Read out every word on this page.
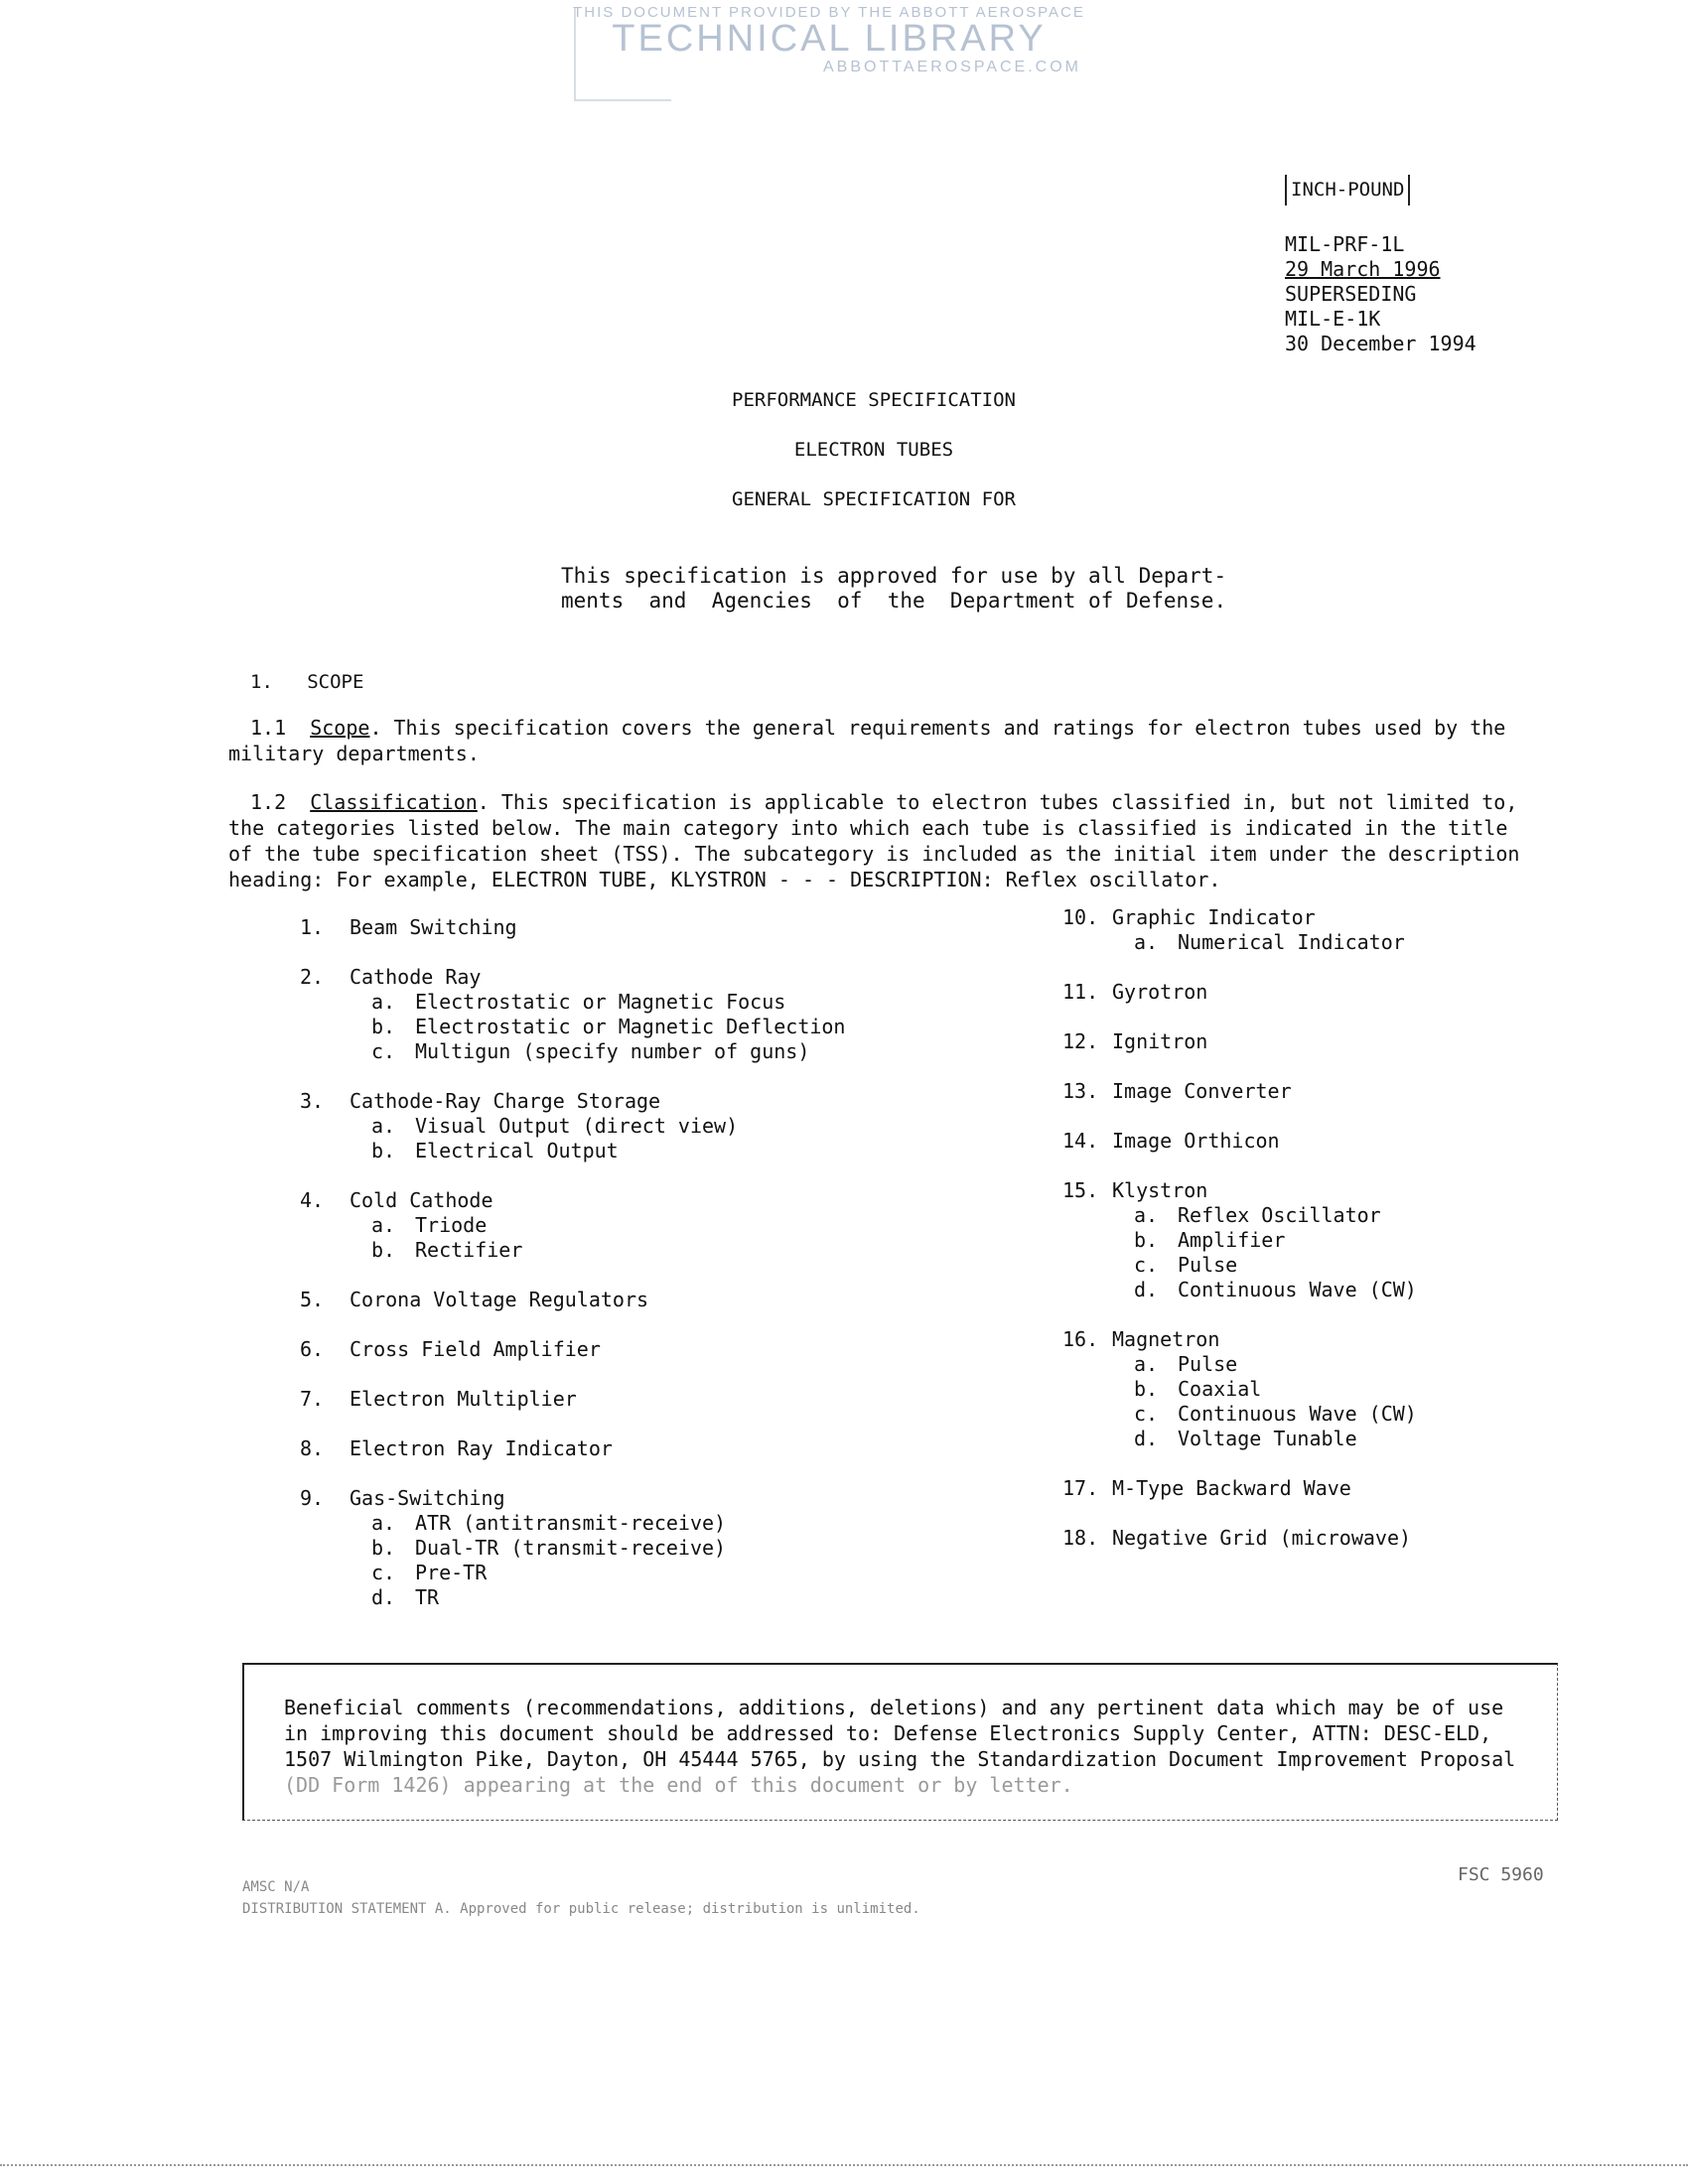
THIS DOCUMENT PROVIDED BY THE ABBOTT AEROSPACE
TECHNICAL LIBRARY
ABBOTTAEROSPACE.COM
INCH-POUND
MIL-PRF-1L
29 March 1996
SUPERSEDING
MIL-E-1K
30 December 1994
PERFORMANCE SPECIFICATION
ELECTRON TUBES
GENERAL SPECIFICATION FOR
This specification is approved for use by all Depart-
ments  and  Agencies  of  the  Department of Defense.
1.   SCOPE
1.1 Scope. This specification covers the general requirements and ratings for electron tubes used by the military departments.
1.2 Classification. This specification is applicable to electron tubes classified in, but not limited to, the categories listed below. The main category into which each tube is classified is indicated in the title of the tube specification sheet (TSS). The subcategory is included as the initial item under the description heading: For example, ELECTRON TUBE, KLYSTRON - - - DESCRIPTION: Reflex oscillator.
1. Beam Switching
2. Cathode Ray
a. Electrostatic or Magnetic Focus
b. Electrostatic or Magnetic Deflection
c. Multigun (specify number of guns)
3. Cathode-Ray Charge Storage
a. Visual Output (direct view)
b. Electrical Output
4. Cold Cathode
a. Triode
b. Rectifier
5. Corona Voltage Regulators
6. Cross Field Amplifier
7. Electron Multiplier
8. Electron Ray Indicator
9. Gas-Switching
a. ATR (antitransmit-receive)
b. Dual-TR (transmit-receive)
c. Pre-TR
d. TR
10. Graphic Indicator
a. Numerical Indicator
11. Gyrotron
12. Ignitron
13. Image Converter
14. Image Orthicon
15. Klystron
a. Reflex Oscillator
b. Amplifier
c. Pulse
d. Continuous Wave (CW)
16. Magnetron
a. Pulse
b. Coaxial
c. Continuous Wave (CW)
d. Voltage Tunable
17. M-Type Backward Wave
18. Negative Grid (microwave)
Beneficial comments (recommendations, additions, deletions) and any pertinent data which may be of use in improving this document should be addressed to: Defense Electronics Supply Center, ATTN: DESC-ELD, 1507 Wilmington Pike, Dayton, OH 45444 5765, by using the Standardization Document Improvement Proposal (DD Form 1426) appearing at the end of this document or by letter.
AMSC N/A
DISTRIBUTION STATEMENT A. Approved for public release; distribution is unlimited.
FSC 5960
